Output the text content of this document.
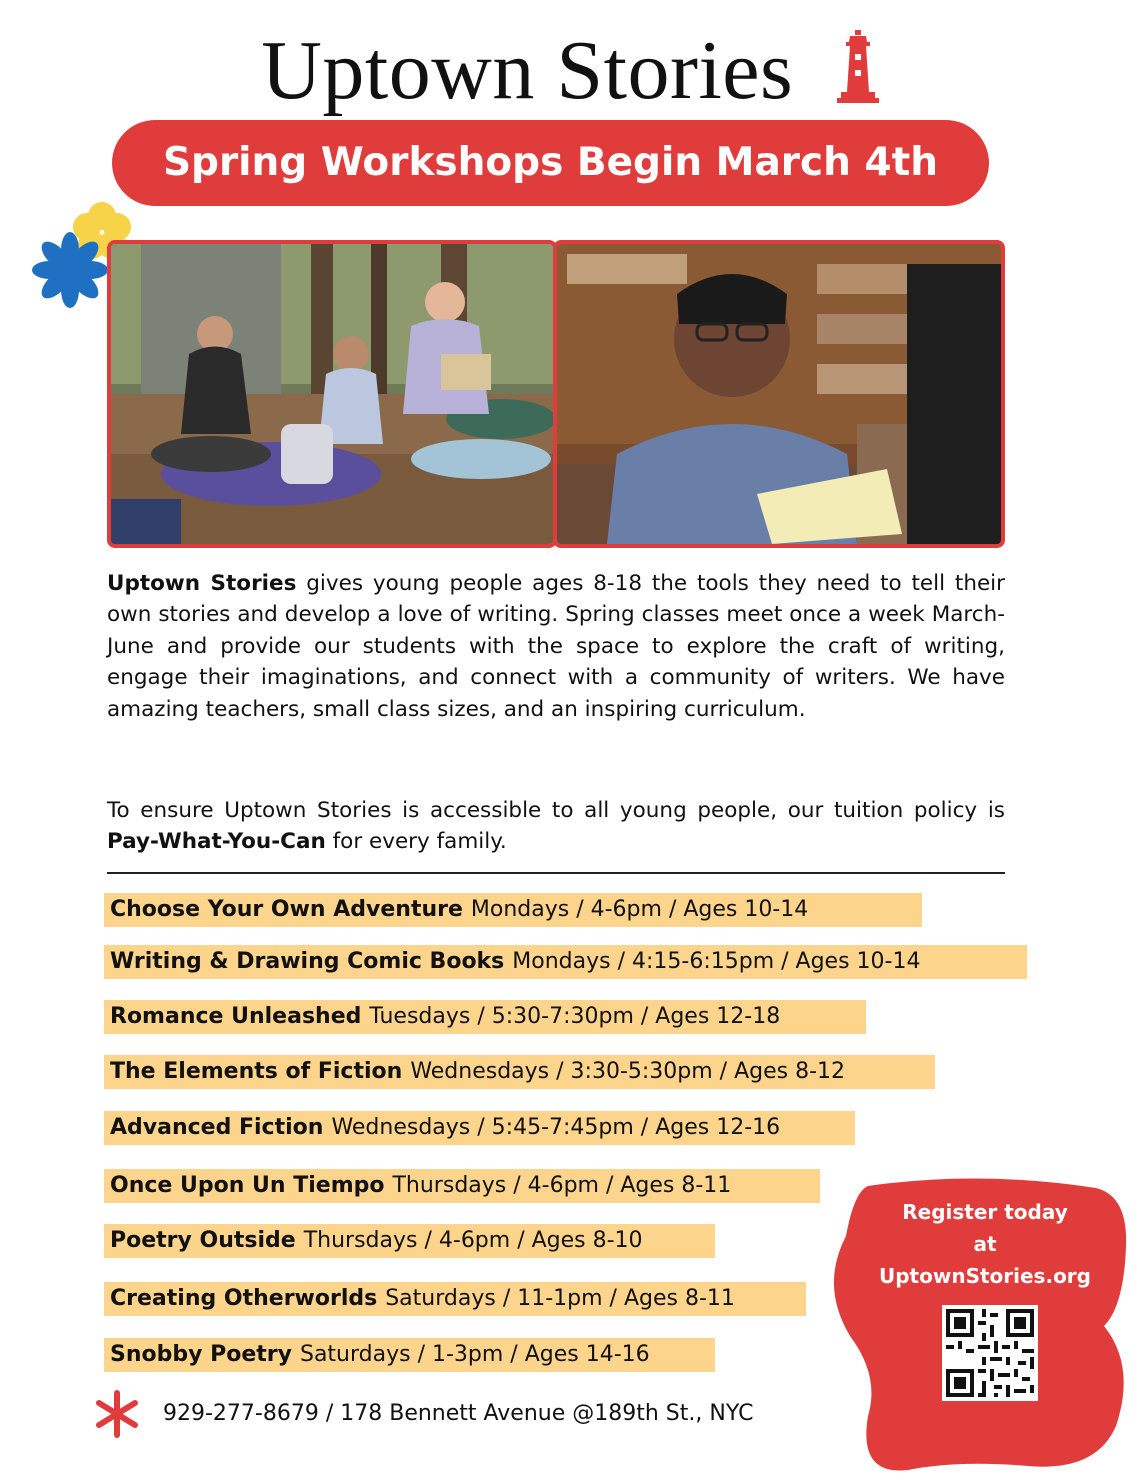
Uptown Stories
Spring Workshops Begin March 4th

Uptown Stories gives young people ages 8-18 the tools they need to tell their own stories and develop a love of writing. Spring classes meet once a week March-June and provide our students with the space to explore the craft of writing, engage their imaginations, and connect with a community of writers. We have amazing teachers, small class sizes, and an inspiring curriculum.

To ensure Uptown Stories is accessible to all young people, our tuition policy is Pay-What-You-Can for every family.

Choose Your Own Adventure Mondays / 4-6pm / Ages 10-14
Writing & Drawing Comic Books Mondays / 4:15-6:15pm / Ages 10-14
Romance Unleashed Tuesdays / 5:30-7:30pm / Ages 12-18
The Elements of Fiction Wednesdays / 3:30-5:30pm / Ages 8-12
Advanced Fiction Wednesdays / 5:45-7:45pm / Ages 12-16
Once Upon Un Tiempo Thursdays / 4-6pm / Ages 8-11
Poetry Outside Thursdays / 4-6pm / Ages 8-10
Creating Otherworlds Saturdays / 11-1pm / Ages 8-11
Snobby Poetry Saturdays / 1-3pm / Ages 14-16
Register today
at
UptownStories.org
929-277-8679 / 178 Bennett Avenue @189th St., NYC
